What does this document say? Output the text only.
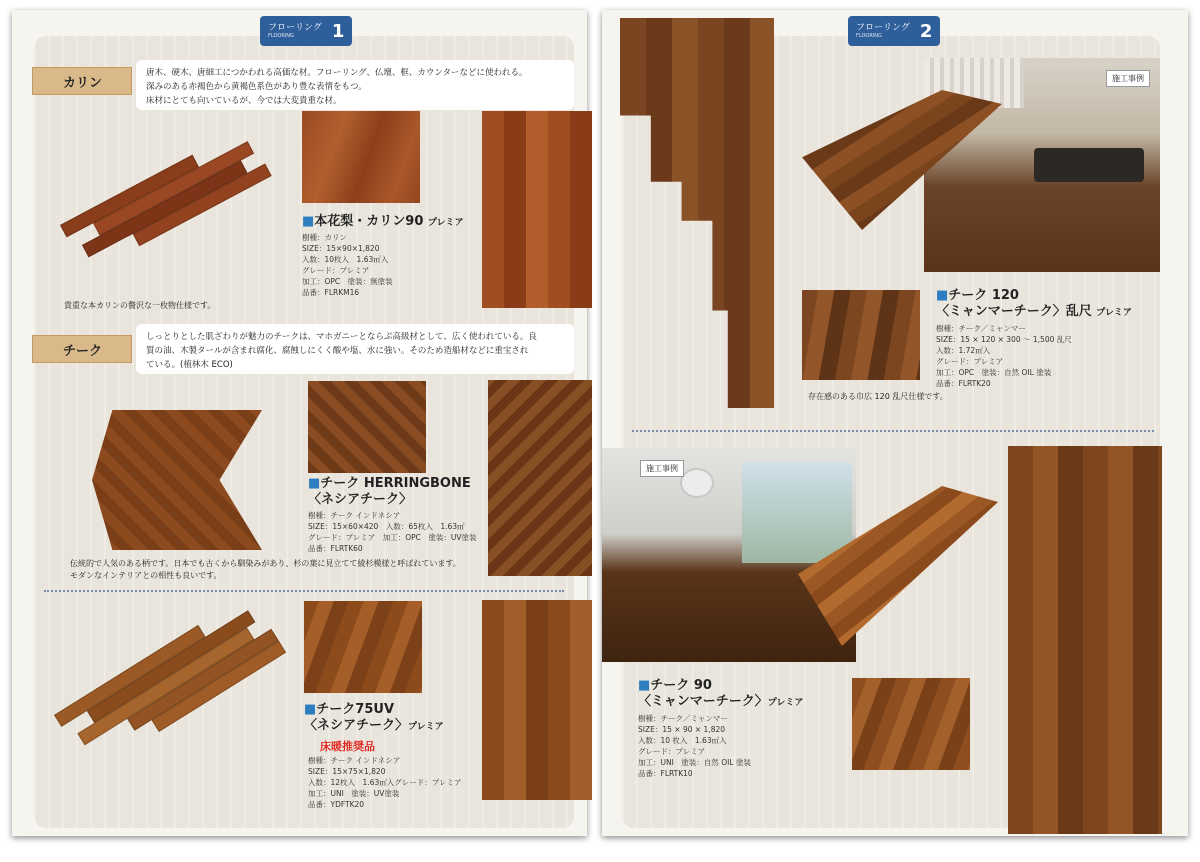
フローリング
FLOORING	1
カリン
唐木、硬木、唐細工につかわれる高価な材。フローリング、仏壇、框、カウンターなどに使われる。
深みのある赤褐色から黄褐色系色があり豊な表情をもつ。
床材にとても向いているが、今では大変貴重な材。
■本花梨・カリン90 プレミア
樹種：カリン
SIZE：15×90×1,820
入数：10枚入　1.63㎡入
グレード：プレミア
加工：OPC　塗装：無塗装
品番：FLRKM16
貴重な本カリンの贅沢な一枚物仕様です。
チーク
しっとりとした肌ざわりが魅力のチークは、マホガニーとならぶ高級材として、広く使われている。良
質の油、木製タールが含まれ腐化、腐蝕しにくく酸や塩、水に強い。そのため造船材などに重宝され
ている。(植林木 ECO)
■チーク HERRINGBONE
〈ネシアチーク〉
樹種：チーク インドネシア
SIZE：15×60×420　入数：65枚入　1.63㎡
グレード：プレミア　加工：OPC　塗装：UV塗装
品番：FLRTK60
伝統的で人気のある柄です。日本でも古くから馴染みがあり、杉の葉に見立てて綾杉模様と呼ばれています。
モダンなインテリアとの相性も良いです。
■チーク75UV
〈ネシアチーク〉プレミア
床暖推奨品
樹種：チーク インドネシア
SIZE：15×75×1,820
入数：12枚入　1.63㎡入グレード：プレミア
加工：UNI　塗装：UV塗装
品番：YDFTK20
フローリング
FLOORING	2
施工事例
■チーク 120
〈ミャンマーチーク〉乱尺 プレミア
樹種：チーク／ミャンマー
SIZE：15 × 120 × 300 ～ 1,500 乱尺
入数：1.72㎡入
グレード：プレミア
加工：OPC　塗装：自然 OIL 塗装
品番：FLRTK20
存在感のある巾広 120 乱尺仕様です。
施工事例
■チーク 90
〈ミャンマーチーク〉プレミア
樹種：チーク／ミャンマー
SIZE：15 × 90 × 1,820
入数：10 枚入　1.63㎡入
グレード：プレミア
加工：UNI　塗装：自然 OIL 塗装
品番：FLRTK10
